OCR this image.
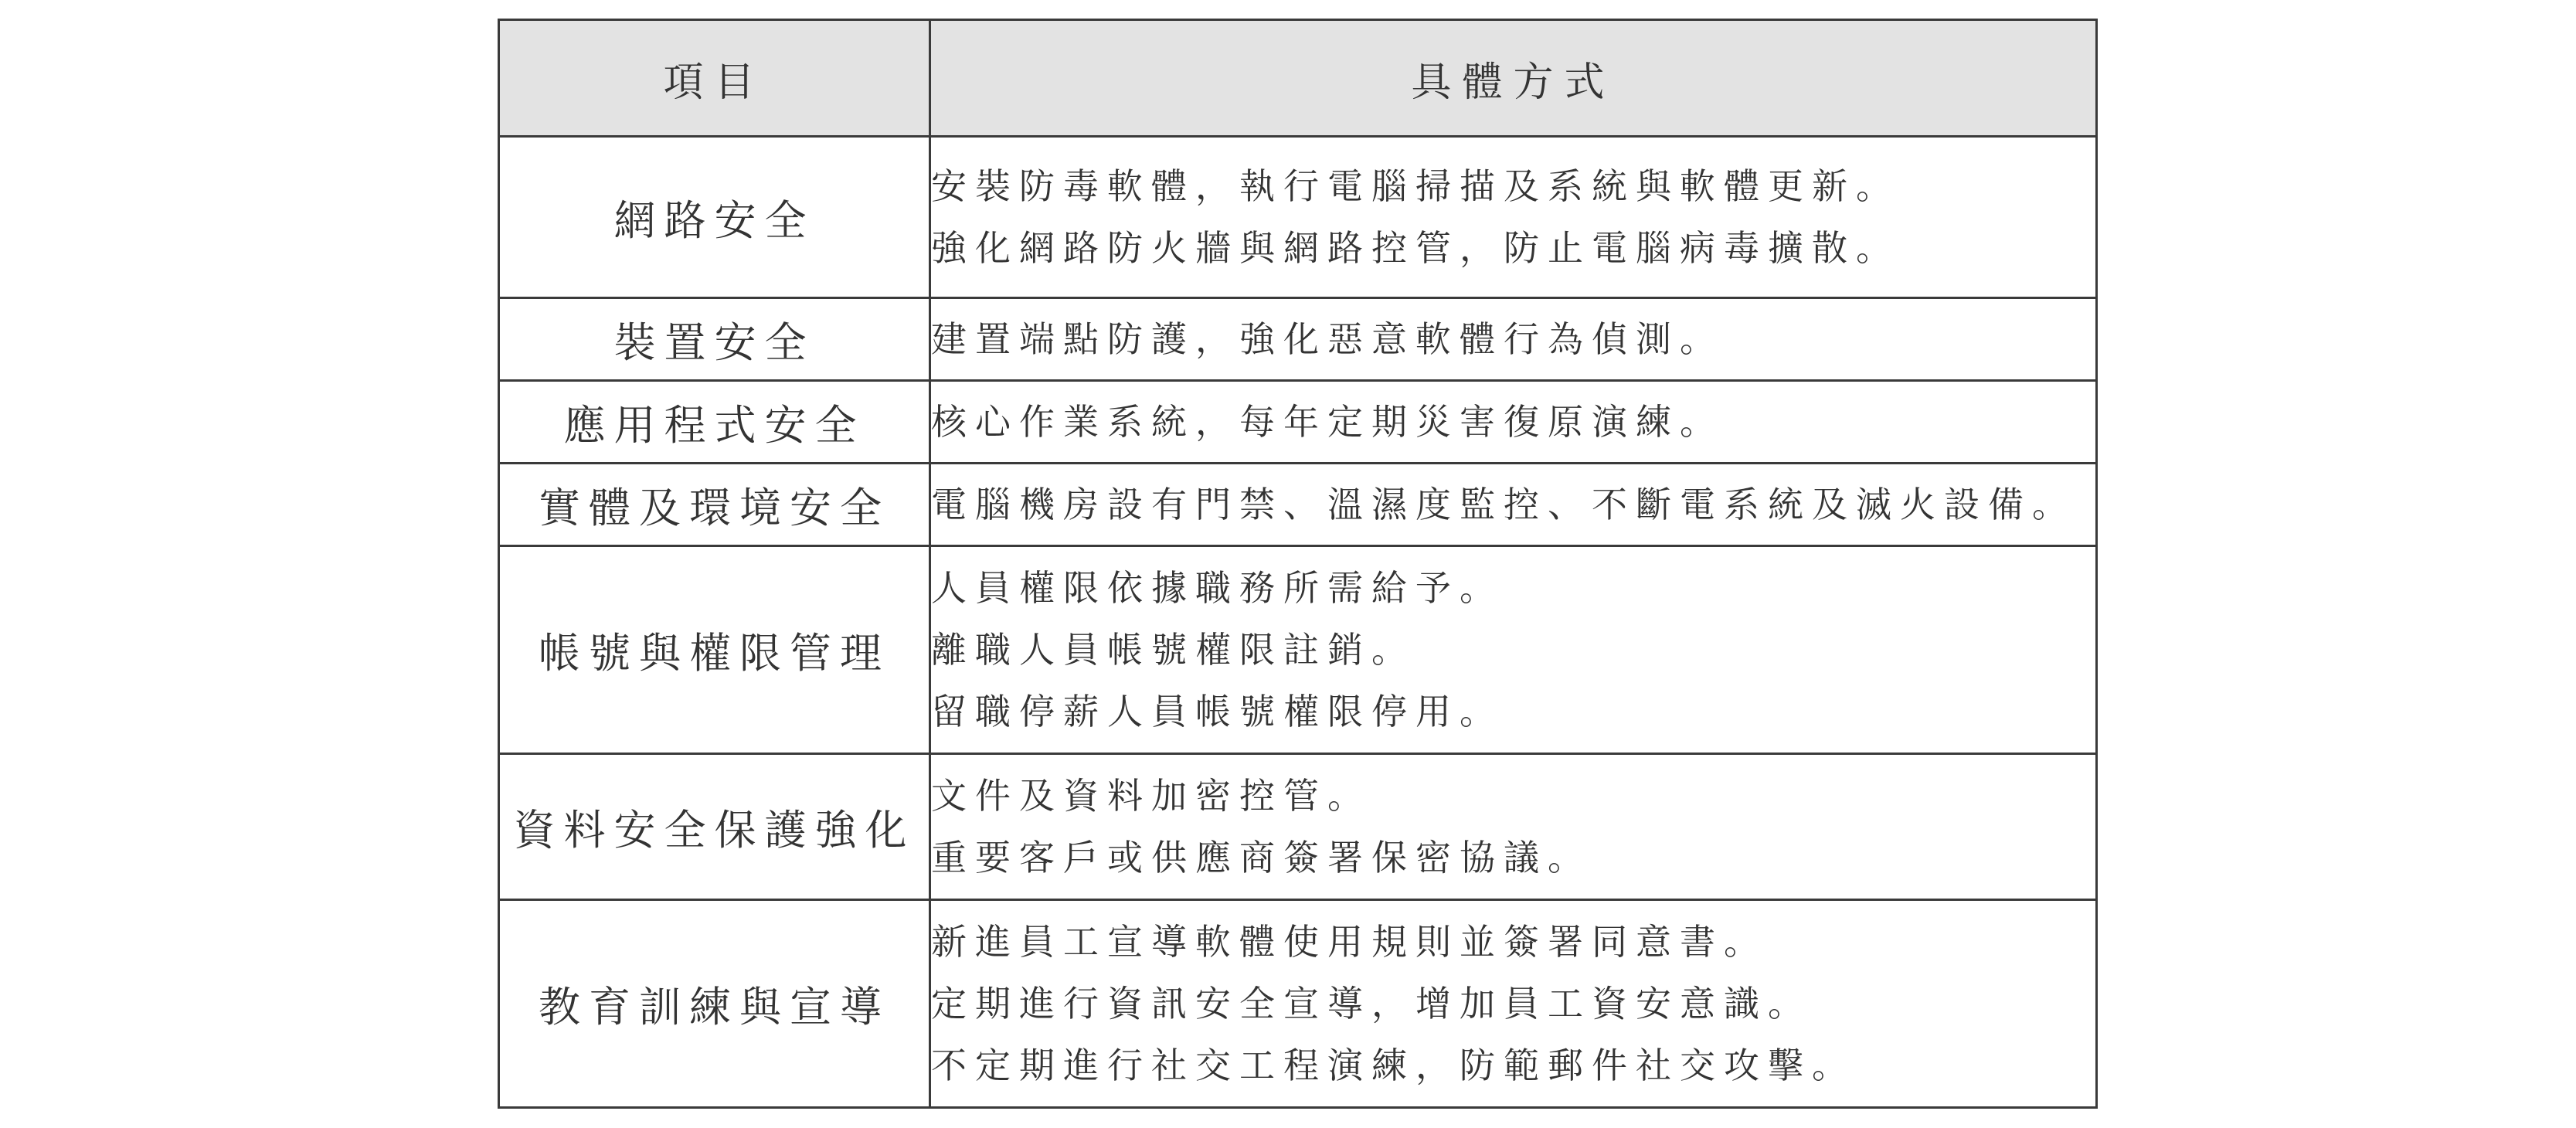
項目	具體方式
網路安全	安裝防毒軟體，執行電腦掃描及系統與軟體更新。
強化網路防火牆與網路控管，防止電腦病毒擴散。

裝置安全	建置端點防護，強化惡意軟體行為偵測。

應用程式安全	核心作業系統，每年定期災害復原演練。

實體及環境安全	電腦機房設有門禁、溫濕度監控、不斷電系統及滅火設備。

帳號與權限管理	人員權限依據職務所需給予。
離職人員帳號權限註銷。
留職停薪人員帳號權限停用。

資料安全保護強化	文件及資料加密控管。
重要客戶或供應商簽署保密協議。

教育訓練與宣導	新進員工宣導軟體使用規則並簽署同意書。
定期進行資訊安全宣導，增加員工資安意識。
不定期進行社交工程演練，防範郵件社交攻擊。
